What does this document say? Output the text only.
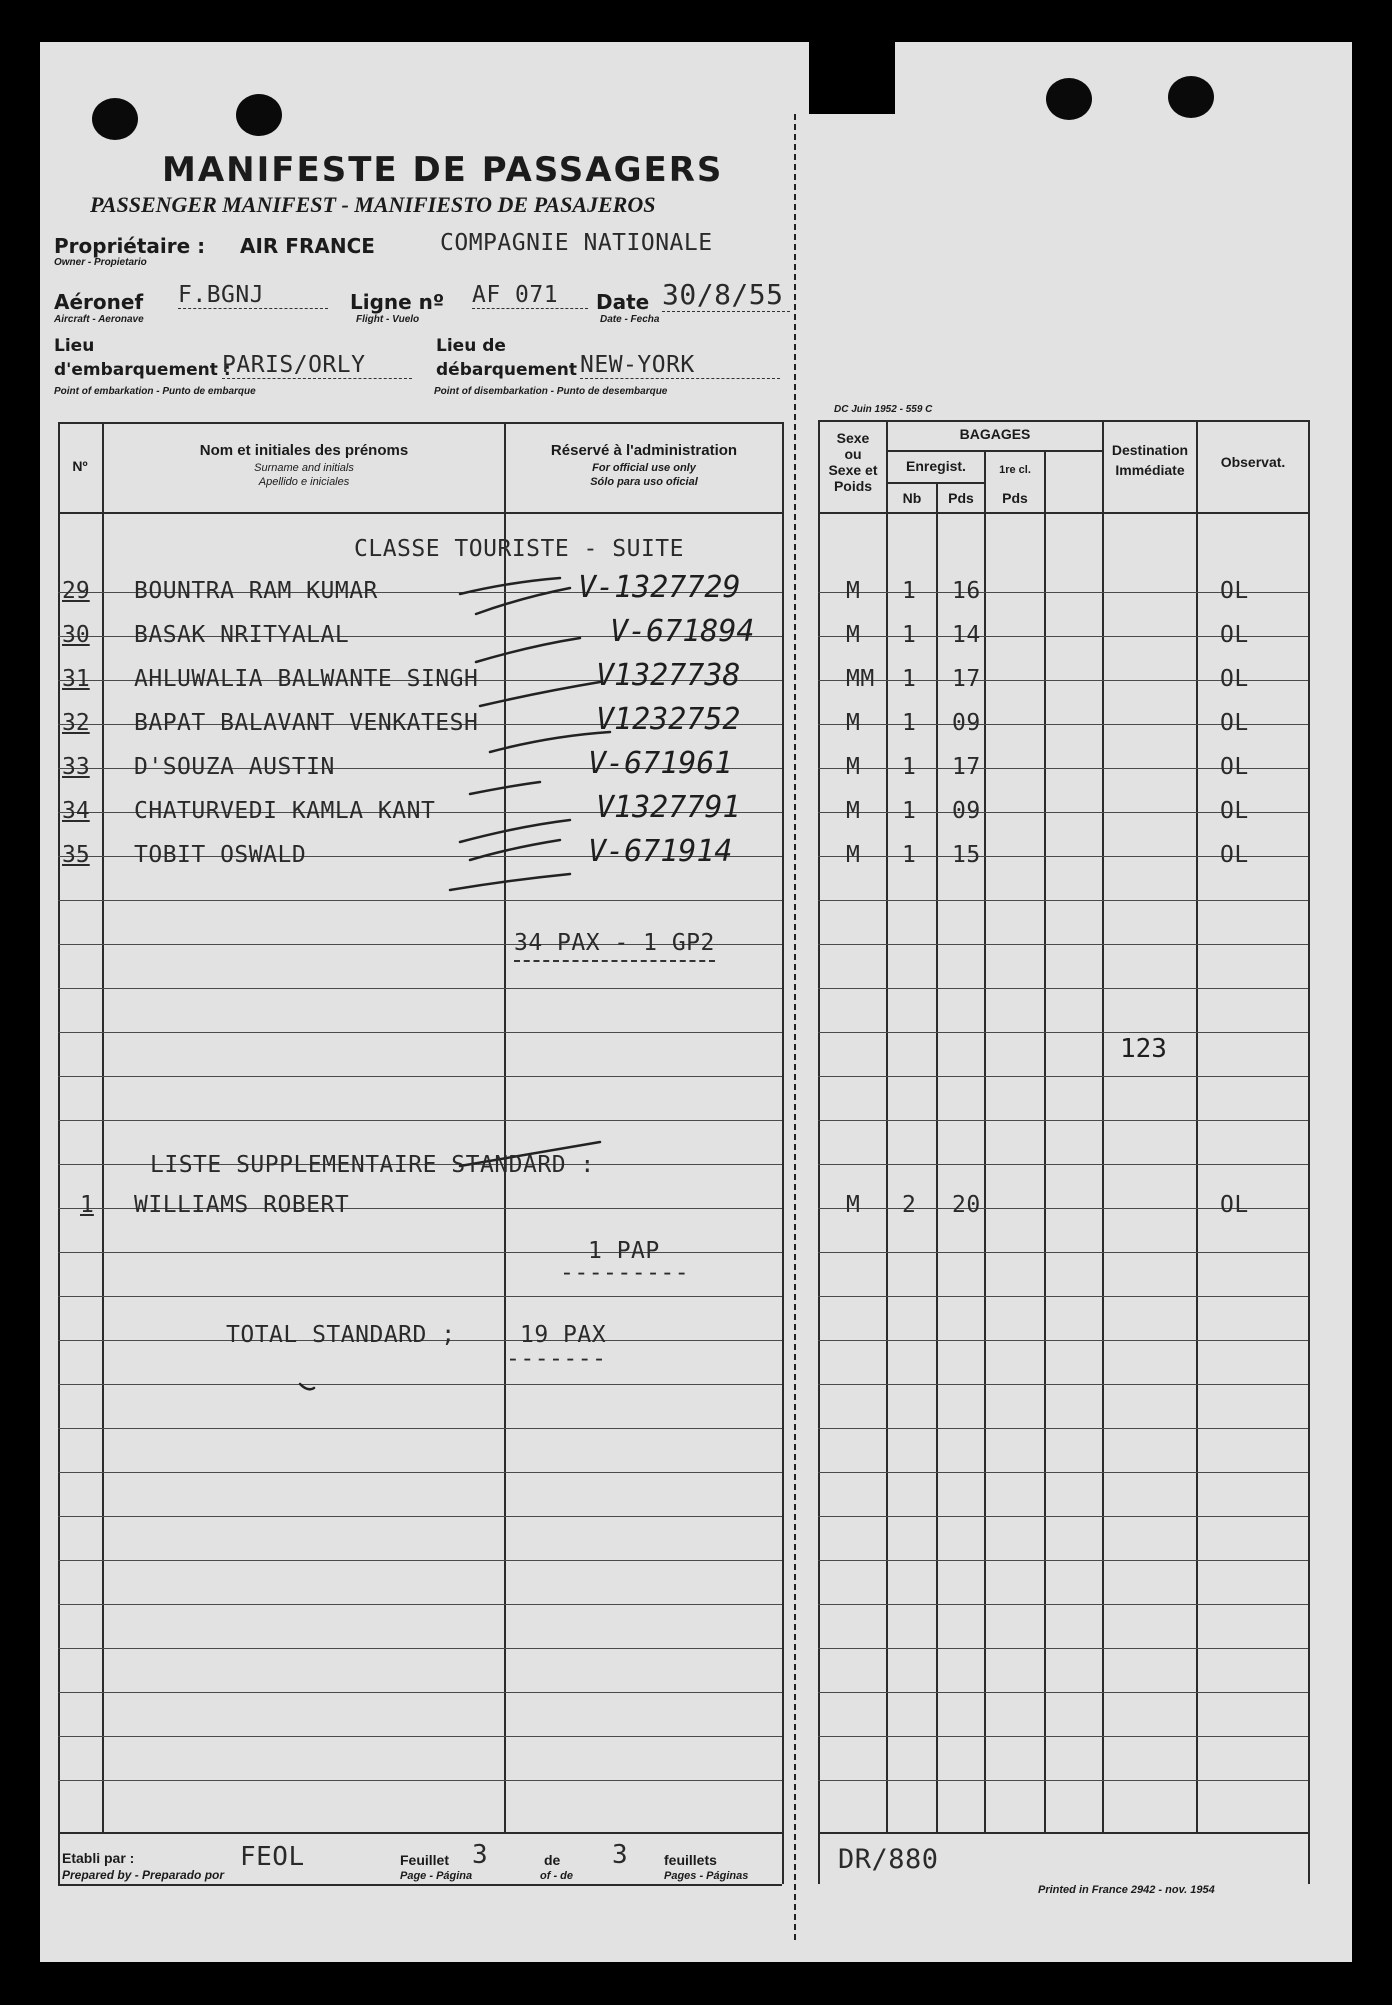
MANIFESTE DE PASSAGERS
PASSENGER MANIFEST - MANIFIESTO DE PASAJEROS
Propriétaire : AIR FRANCE	COMPAGNIE NATIONALE
Owner - Propietario
Aéronef F.BGNJ
Aircraft - Aeronave
Ligne nº AF 071
Flight - Vuelo
Date 30/8/55
Date - Fecha
Lieu
d'embarquement :
PARIS/ORLY
Point of embarkation - Punto de embarque
Lieu de
débarquement NEW-YORK
Point of disembarkation - Punto de desembarque
DC Juin 1952 - 559 C
Nº
Nom et initiales des prénoms
Surname and initials
Apellido e iniciales
Réservé à l'administration
For official use only
Sólo para uso oficial
Sexe
ou
Sexe et
Poids
BAGAGES
Enregist.
Nb	Pds
1re cl.
Pds
Destination
Immédiate	Observat.
CLASSE TOURISTE - SUITE
29 BOUNTRA RAM KUMAR	V-1327729	M 1 16	OL
30 BASAK NRITYALAL	V-671894	M 1 14	OL
31 AHLUWALIA BALWANTE SINGH	V1327738	MM 1 17	OL
32 BAPAT BALAVANT VENKATESH	V1232752	M 1 09	OL
33 D'SOUZA AUSTIN	V-671961	M 1 17	OL
34 CHATURVEDI KAMLA KANT	V1327791	M 1 09	OL
35 TOBIT OSWALD	V-671914	M 1 15	OL
34 PAX - 1 GP2
123
LISTE SUPPLEMENTAIRE STANDARD :
1 WILLIAMS ROBERT	M 2 20	OL
1 PAP
---------
TOTAL STANDARD ;	19 PAX
-------
Etabli par :
Prepared by - Preparado por
FEOL	Feuillet
Page - Página
3	de
of - de
3	feuillets
Pages - Páginas
DR/880
Printed in France 2942 - nov. 1954
